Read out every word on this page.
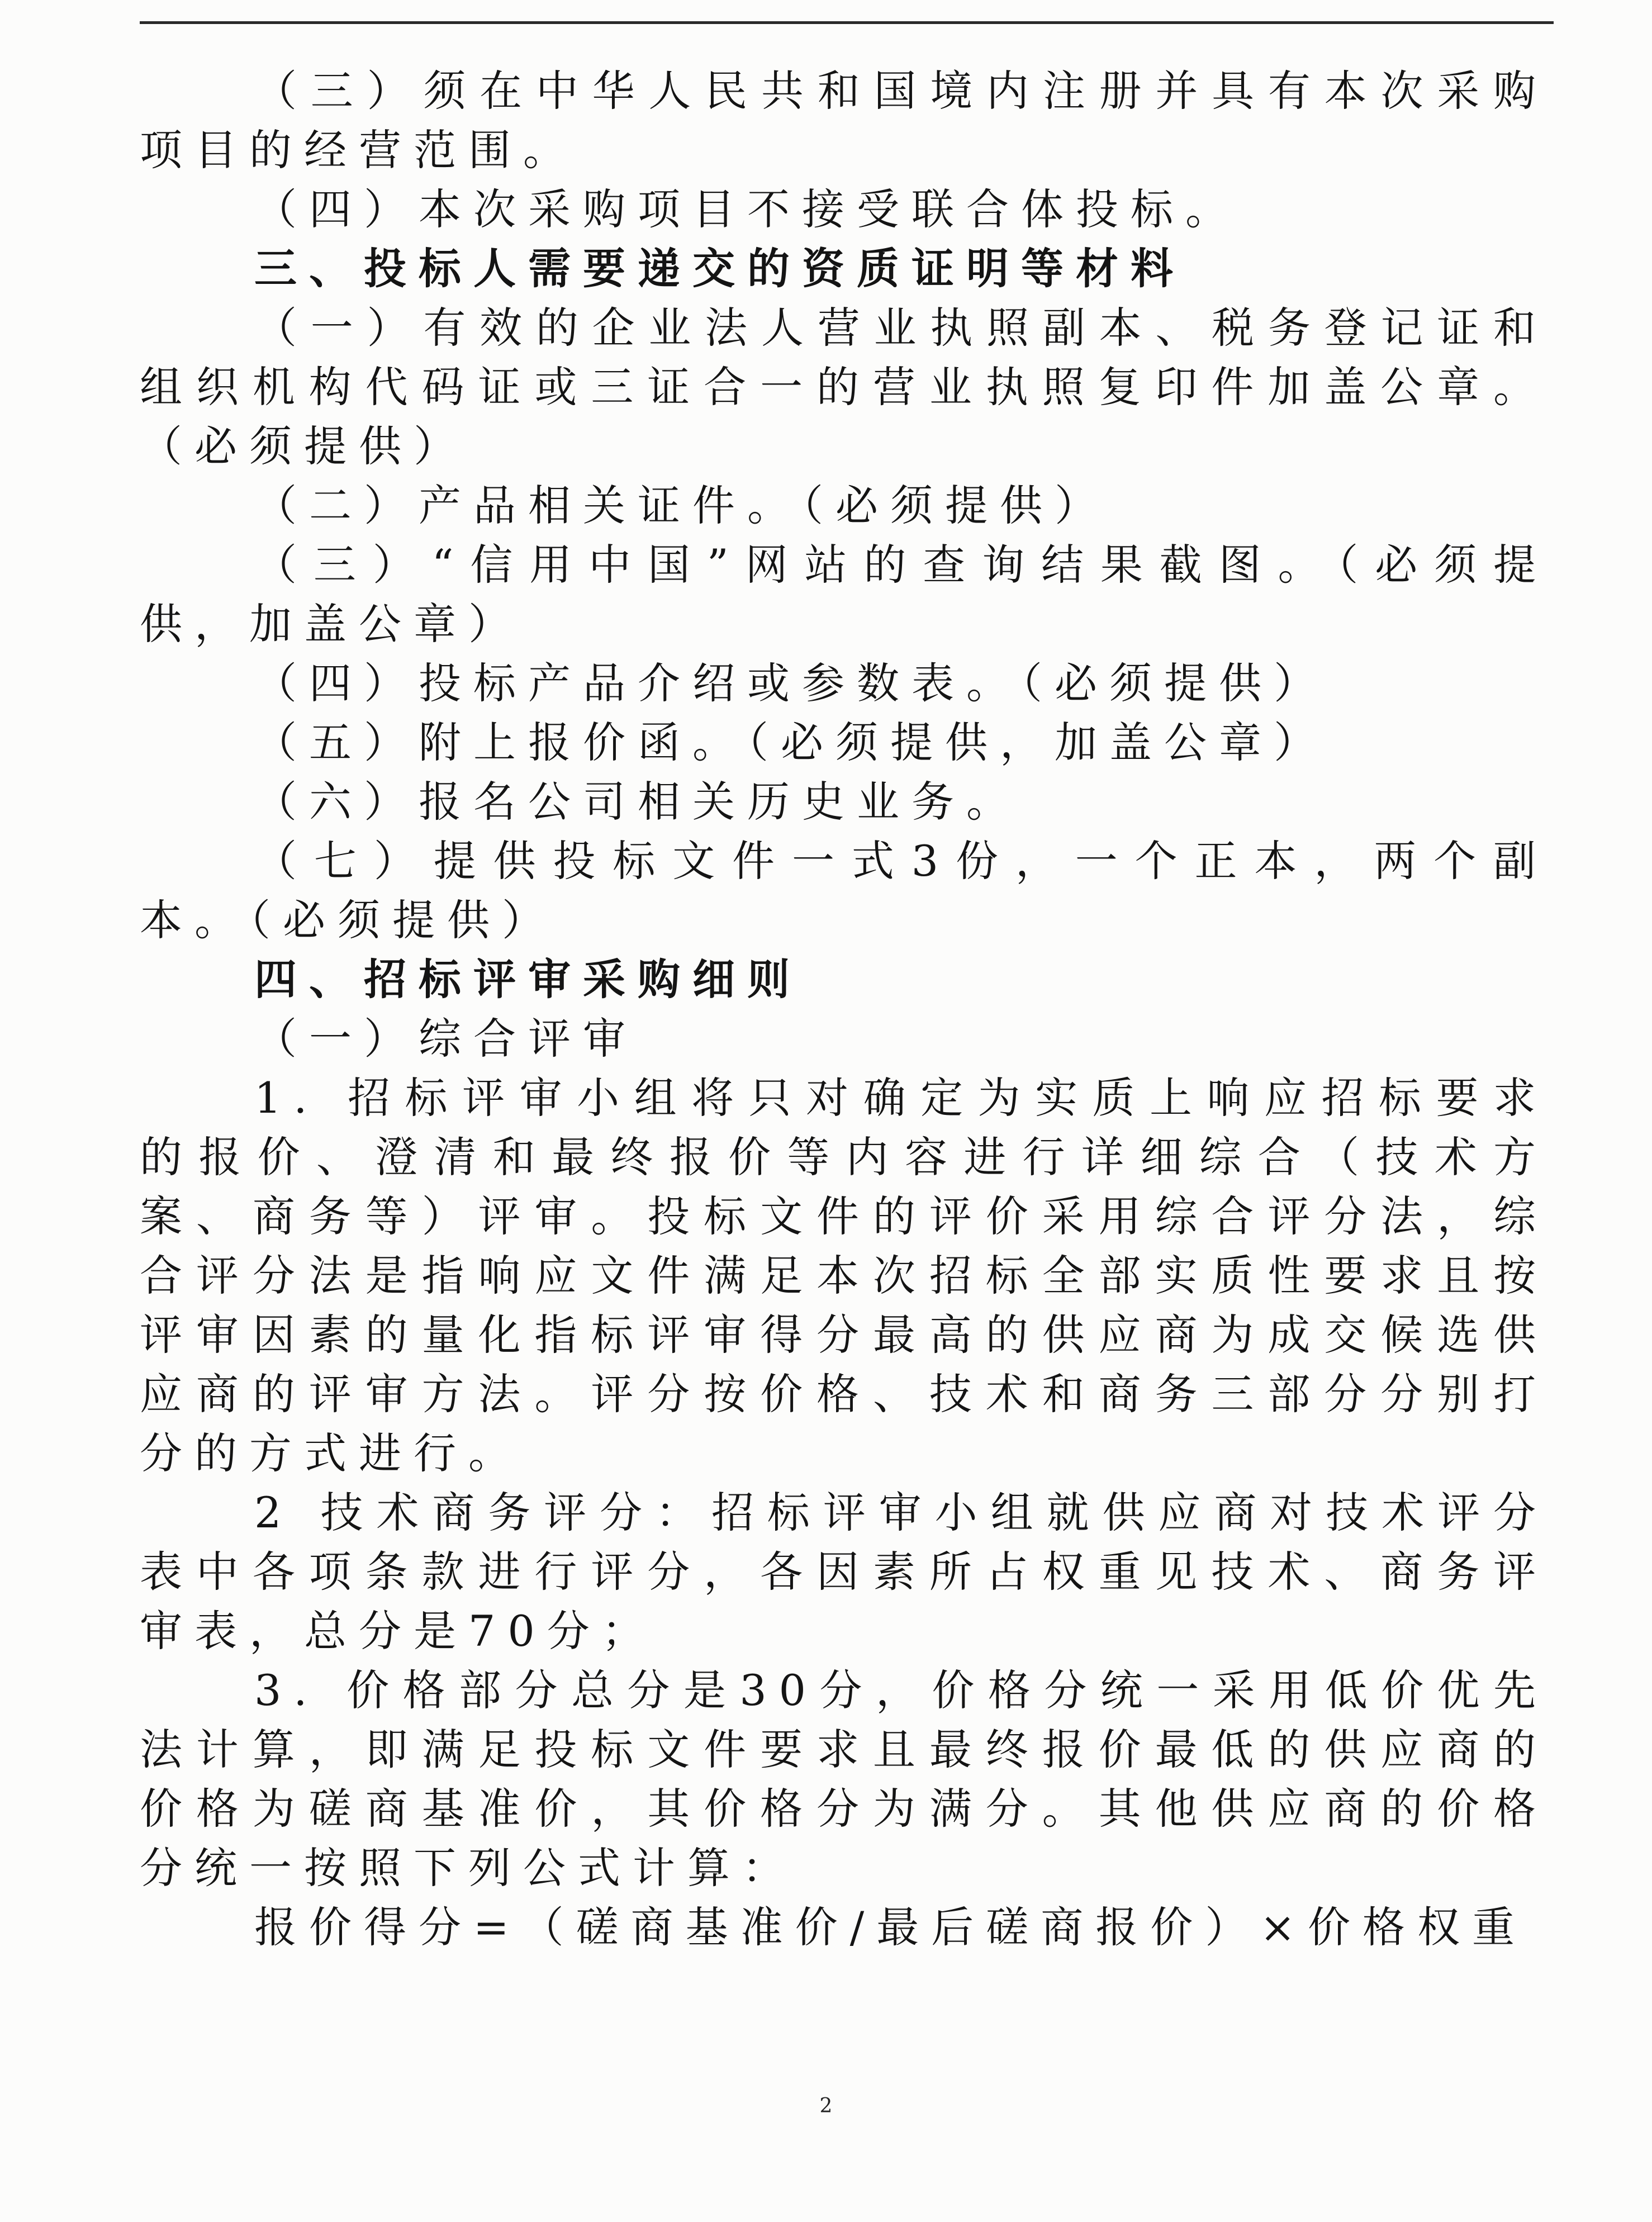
（三）须在中华人民共和国境内注册并具有本次采购项目的经营范围。

（四）本次采购项目不接受联合体投标。

三、投标人需要递交的资质证明等材料

（一）有效的企业法人营业执照副本、税务登记证和组织机构代码证或三证合一的营业执照复印件加盖公章。（必须提供）

（二）产品相关证件。（必须提供）

（三）“信用中国”网站的查询结果截图。（必须提供，加盖公章）

（四）投标产品介绍或参数表。（必须提供）

（五）附上报价函。（必须提供，加盖公章）

（六）报名公司相关历史业务。

（七）提供投标文件一式3份，一个正本，两个副本。（必须提供）

四、招标评审采购细则

（一）综合评审

1. 招标评审小组将只对确定为实质上响应招标要求的报价、澄清和最终报价等内容进行详细综合（技术方案、商务等）评审。投标文件的评价采用综合评分法，综合评分法是指响应文件满足本次招标全部实质性要求且按评审因素的量化指标评审得分最高的供应商为成交候选供应商的评审方法。评分按价格、技术和商务三部分分别打分的方式进行。

2 技术商务评分：招标评审小组就供应商对技术评分表中各项条款进行评分，各因素所占权重见技术、商务评审表，总分是70分；

3. 价格部分总分是30分，价格分统一采用低价优先法计算，即满足投标文件要求且最终报价最低的供应商的价格为磋商基准价，其价格分为满分。其他供应商的价格分统一按照下列公式计算：

报价得分=（磋商基准价/最后磋商报价）×价格权重

2
